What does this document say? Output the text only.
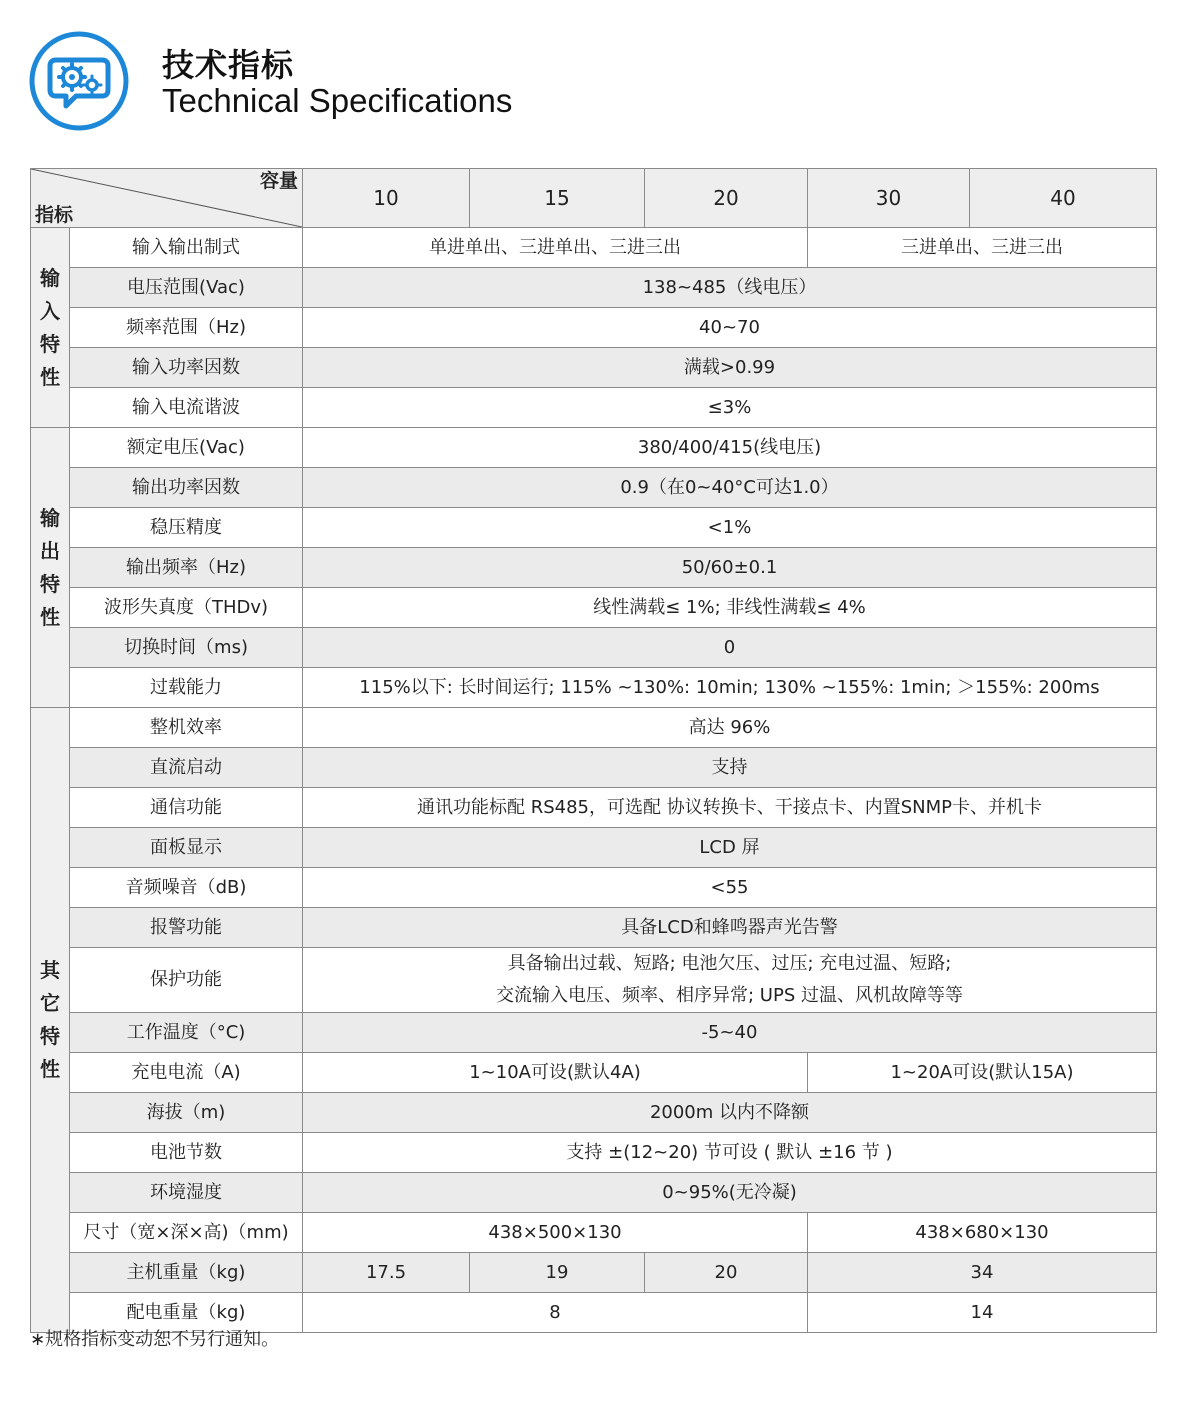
技术指标
Technical Specifications
容量
指标		10	15	20	30	40
输
入
特
性	输入输出制式	单进单出、三进单出、三进三出			三进单出、三进三出	
	电压范围(Vac)	138~485（线电压）				
	频率范围（Hz)	40~70				
	输入功率因数	满载>0.99				
	输入电流谐波	≤3%				
输
出
特
性	额定电压(Vac)	380/400/415(线电压)				
	输出功率因数	0.9（在0~40°C可达1.0）				
	稳压精度	<1%				
	输出频率（Hz)	50/60±0.1				
	波形失真度（THDv)	线性满载≤ 1%; 非线性满载≤ 4%				
	切换时间（ms)	0				
	过载能力	115%以下: 长时间运行; 115% ~130%: 10min; 130% ~155%: 1min; ＞155%: 200ms				
其
它
特
性	整机效率	高达 96%				
	直流启动	支持				
	通信功能	通讯功能标配 RS485，可选配 协议转换卡、干接点卡、内置SNMP卡、并机卡				
	面板显示	LCD 屏				
	音频噪音（dB)	<55				
	报警功能	具备LCD和蜂鸣器声光告警				
	保护功能	具备输出过载、短路; 电池欠压、过压; 充电过温、短路;
交流输入电压、频率、相序异常; UPS 过温、风机故障等等				

	工作温度（°C)	-5~40				
	充电电流（A)	1~10A可设(默认4A)			1~20A可设(默认15A)	
	海拔（m)	2000m 以内不降额				
	电池节数	支持 ±(12~20) 节可设 ( 默认 ±16 节 )				
	环境湿度	0~95%(无冷凝)				
	尺寸（宽×深×高)（mm)	438×500×130			438×680×130	
	主机重量（kg)	17.5	19	20	34	
	配电重量（kg)	8			14	
∗规格指标变动恕不另行通知。
